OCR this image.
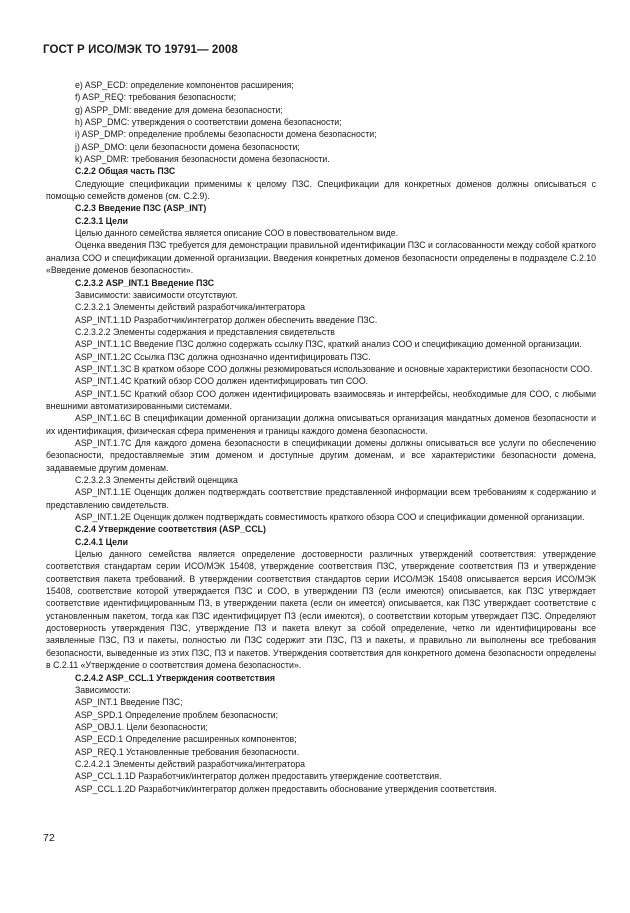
ГОСТ Р ИСО/МЭК ТО 19791— 2008

e) ASP_ECD: определение компонентов расширения;

f) ASP_REQ: требования безопасности;

g) ASPP_DMI: введение для домена безопасности;

h) ASP_DMC: утверждения о соответствии домена безопасности;

i) ASP_DMP: определение проблемы безопасности домена безопасности;

j) ASP_DMO: цели безопасности домена безопасности;

k) ASP_DMR: требования безопасности домена безопасности.

С.2.2 Общая часть ПЗС

Следующие спецификации применимы к целому ПЗС. Спецификации для конкретных доменов должны описываться с помощью семейств доменов (см. С.2.9).

С.2.3 Введение ПЗС (ASP_INT)

С.2.3.1 Цели

Целью данного семейства является описание СОО в повествовательном виде.

Оценка введения ПЗС требуется для демонстрации правильной идентификации ПЗС и согласованности между собой краткого анализа СОО и спецификации доменной организации. Введения конкретных доменов безопасности определены в подразделе С.2.10 «Введение доменов безопасности».

С.2.3.2 ASP_INT.1 Введение ПЗС

Зависимости: зависимости отсутствуют.

С.2.3.2.1 Элементы действий разработчика/интегратора

ASP_INT.1.1D Разработчик/интегратор должен обеспечить введение ПЗС.

С.2.3.2.2 Элементы содержания и представления свидетельств

ASP_INT.1.1С Введение ПЗС должно содержать ссылку ПЗС, краткий анализ СОО и спецификацию доменной организации.

ASP_INT.1.2С Ссылка ПЗС должна однозначно идентифицировать ПЗС.

ASP_INT.1.3С В кратком обзоре СОО должны резюмироваться использование и основные характеристики безопасности СОО.

ASP_INT.1.4С Краткий обзор СОО должен идентифицировать тип СОО.

ASP_INT.1.5С Краткий обзор СОО должен идентифицировать взаимосвязь и интерфейсы, необходимые для СОО, с любыми внешними автоматизированными системами.

ASP_INT.1.6С В спецификации доменной организации должна описываться организация мандатных доменов безопасности и их идентификация, физическая сфера применения и границы каждого домена безопасности.

ASP_INT.1.7С Для каждого домена безопасности в спецификации домены должны описываться все услуги по обеспечению безопасности, предоставляемые этим доменом и доступные другим доменам, и все характеристики безопасности домена, задаваемые другим доменам.

С.2.3.2.3 Элементы действий оценщика

ASP_INT.1.1E Оценщик должен подтверждать соответствие представленной информации всем требованиям к содержанию и представлению свидетельств.

ASP_INT.1.2E Оценщик должен подтверждать совместимость краткого обзора СОО и спецификации доменной организации.

С.2.4 Утверждение соответствия (ASP_CCL)

С.2.4.1 Цели

Целью данного семейства является определение достоверности различных утверждений соответствия: утверждение соответствия стандартам серии ИСО/МЭК 15408, утверждение соответствия ПЗС, утверждение соответствия ПЗ и утверждение соответствия пакета требований. В утверждении соответствия стандартов серии ИСО/МЭК 15408 описывается версия ИСО/МЭК 15408, соответствие которой утверждается ПЗС и СОО, в утверждении ПЗ (если имеются) описывается, как ПЗС утверждает соответствие идентифицированным ПЗ, в утверждении пакета (если он имеется) описывается, как ПЗС утверждает соответствие с установленным пакетом, тогда как ПЗС идентифицирует ПЗ (если имеются), о соответствии которым утверждает ПЗС. Определяют достоверность утверждения ПЗС, утверждение ПЗ и пакета влекут за собой определение, четко ли идентифицированы все заявленные ПЗС, ПЗ и пакеты, полностью ли ПЗС содержит эти ПЗС, ПЗ и пакеты, и правильно ли выполнены все требования безопасности, выведенные из этих ПЗС, ПЗ и пакетов. Утверждения соответствия для конкретного домена безопасности определены в С.2.11 «Утверждение о соответствия домена безопасности».

С.2.4.2 ASP_CCL.1 Утверждения соответствия

Зависимости:

ASP_INT.1 Введение ПЗС;

ASP_SPD.1 Определение проблем безопасности;

ASP_OBJ.1. Цели безопасности;

ASP_ECD.1 Определение расширенных компонентов;

ASP_REQ.1 Установленные требования безопасности.

С.2.4.2.1 Элементы действий разработчика/интегратора

ASP_CCL.1.1D Разработчик/интегратор должен предоставить утверждение соответствия.

ASP_CCL.1.2D Разработчик/интегратор должен предоставить обоснование утверждения соответствия.

72
